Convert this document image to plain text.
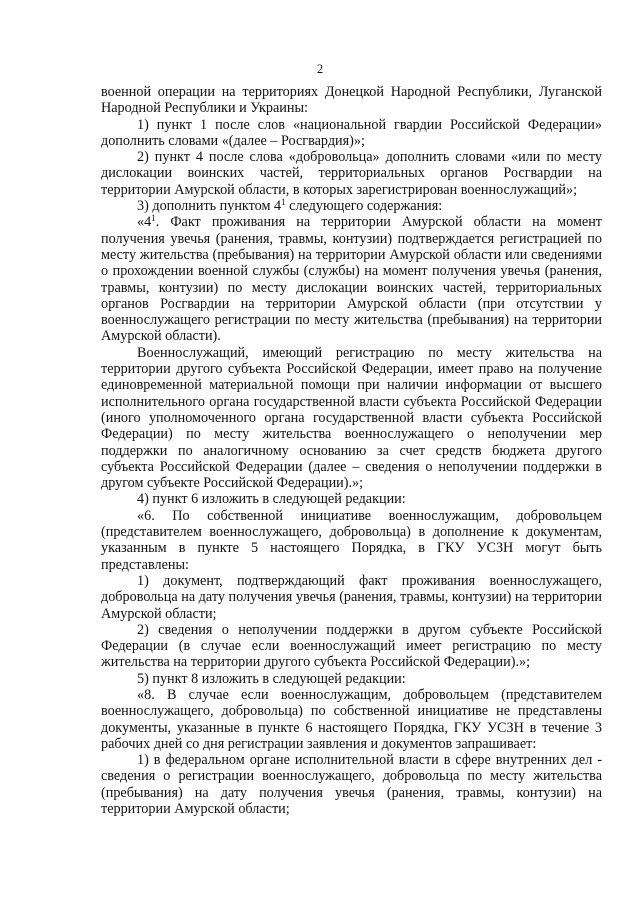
2

военной операции на территориях Донецкой Народной Республики, Луганской Народной Республики и Украины:

1) пункт 1 после слов «национальной гвардии Российской Федерации» дополнить словами «(далее – Росгвардия)»;

2) пункт 4 после слова «добровольца» дополнить словами «или по месту дислокации воинских частей, территориальных органов Росгвардии на территории Амурской области, в которых зарегистрирован военнослужащий»;

3) дополнить пунктом $4^1$ следующего содержания:

«$4^1$. Факт проживания на территории Амурской области на момент получения увечья (ранения, травмы, контузии) подтверждается регистрацией по месту жительства (пребывания) на территории Амурской области или сведениями о прохождении военной службы (службы) на момент получения увечья (ранения, травмы, контузии) по месту дислокации воинских частей, территориальных органов Росгвардии на территории Амурской области (при отсутствии у военнослужащего регистрации по месту жительства (пребывания) на территории Амурской области).

Военнослужащий, имеющий регистрацию по месту жительства на территории другого субъекта Российской Федерации, имеет право на получение единовременной материальной помощи при наличии информации от высшего исполнительного органа государственной власти субъекта Российской Федерации (иного уполномоченного органа государственной власти субъекта Российской Федерации) по месту жительства военнослужащего о неполучении мер поддержки по аналогичному основанию за счет средств бюджета другого субъекта Российской Федерации (далее – сведения о неполучении поддержки в другом субъекте Российской Федерации).»;

4) пункт 6 изложить в следующей редакции:

«6. По собственной инициативе военнослужащим, добровольцем (представителем военнослужащего, добровольца) в дополнение к документам, указанным в пункте 5 настоящего Порядка, в ГКУ УСЗН могут быть представлены:

1) документ, подтверждающий факт проживания военнослужащего, добровольца на дату получения увечья (ранения, травмы, контузии) на территории Амурской области;

2) сведения о неполучении поддержки в другом субъекте Российской Федерации (в случае если военнослужащий имеет регистрацию по месту жительства на территории другого субъекта Российской Федерации).»;

5) пункт 8 изложить в следующей редакции:

«8. В случае если военнослужащим, добровольцем (представителем военнослужащего, добровольца) по собственной инициативе не представлены документы, указанные в пункте 6 настоящего Порядка, ГКУ УСЗН в течение 3 рабочих дней со дня регистрации заявления и документов запрашивает:

1) в федеральном органе исполнительной власти в сфере внутренних дел - сведения о регистрации военнослужащего, добровольца по месту жительства (пребывания) на дату получения увечья (ранения, травмы, контузии) на территории Амурской области;
